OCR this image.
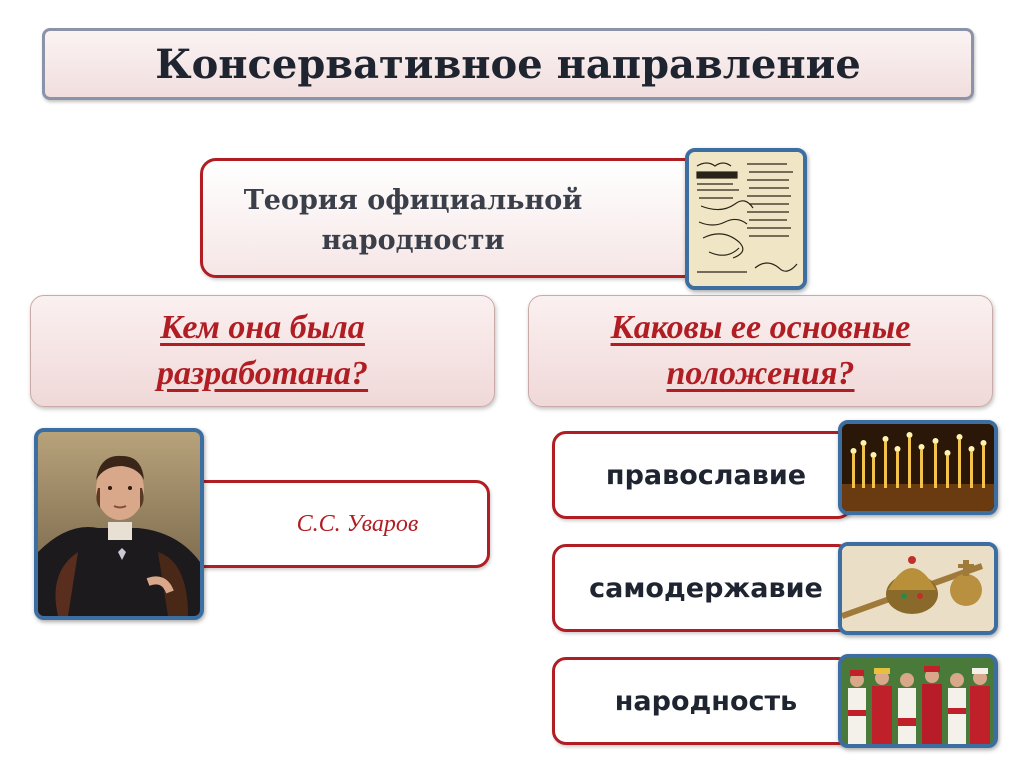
Консервативное направление
Теория официальной
народности
Кем она была
разработана?
Каковы ее основные
положения?
С.С. Уваров
православие
самодержавие
народность
